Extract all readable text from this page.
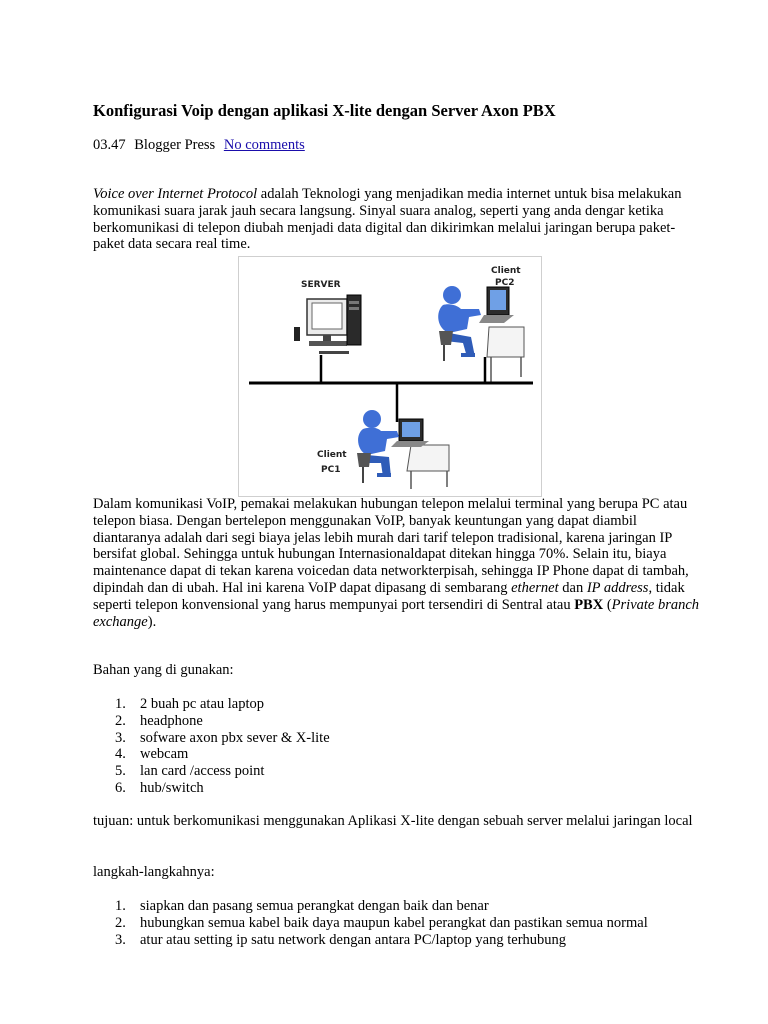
Konfigurasi Voip dengan aplikasi X-lite dengan Server Axon PBX
03.47 Blogger Press No comments

Voice over Internet Protocol adalah Teknologi yang menjadikan media internet untuk bisa melakukan komunikasi suara jarak jauh secara langsung. Sinyal suara analog, seperti yang anda dengar ketika berkomunikasi di telepon diubah menjadi data digital dan dikirimkan melalui jaringan berupa paket-paket data secara real time.

SERVER
Client
PC2
Client
PC1

Dalam komunikasi VoIP, pemakai melakukan hubungan telepon melalui terminal yang berupa PC atau telepon biasa. Dengan bertelepon menggunakan VoIP, banyak keuntungan yang dapat diambil diantaranya adalah dari segi biaya jelas lebih murah dari tarif telepon tradisional, karena jaringan IP bersifat global. Sehingga untuk hubungan Internasionaldapat ditekan hingga 70%. Selain itu, biaya maintenance dapat di tekan karena voicedan data networkterpisah, sehingga IP Phone dapat di tambah, dipindah dan di ubah. Hal ini karena VoIP dapat dipasang di sembarang ethernet dan IP address, tidak seperti telepon konvensional yang harus mempunyai port tersendiri di Sentral atau PBX (Private branch exchange).

Bahan yang di gunakan:
1. 2 buah pc atau laptop
2. headphone
3. sofware axon pbx sever & X-lite
4. webcam
5. lan card /access point
6. hub/switch
tujuan: untuk berkomunikasi menggunakan Aplikasi X-lite dengan sebuah server melalui jaringan local
langkah-langkahnya:
1. siapkan dan pasang semua perangkat dengan baik dan benar
2. hubungkan semua kabel baik daya maupun kabel perangkat dan pastikan semua normal
3. atur atau setting ip satu network dengan antara PC/laptop yang terhubung
